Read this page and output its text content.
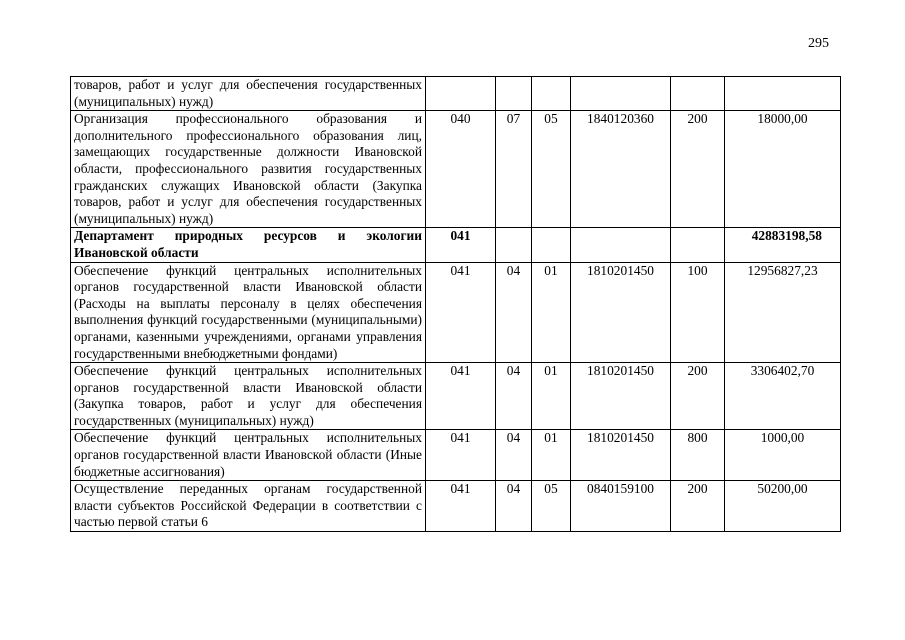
295
товаров, работ и услуг для обеспечения государственных (муниципальных) нужд)						
Организация профессионального образования и дополнительного профессионального образования лиц, замещающих государственные должности Ивановской области, профессионального развития государственных гражданских служащих Ивановской области (Закупка товаров, работ и услуг для обеспечения государственных (муниципальных) нужд)	040	07	05	1840120360	200	18000,00
Департамент природных ресурсов и экологии Ивановской области	041					42883198,58
Обеспечение функций центральных исполнительных органов государственной власти Ивановской области (Расходы на выплаты персоналу в целях обеспечения выполнения функций государственными (муниципальными) органами, казенными учреждениями, органами управления государственными внебюджетными фондами)	041	04	01	1810201450	100	12956827,23
Обеспечение функций центральных исполнительных органов государственной власти Ивановской области (Закупка товаров, работ и услуг для обеспечения государственных (муниципальных) нужд)	041	04	01	1810201450	200	3306402,70
Обеспечение функций центральных исполнительных органов государственной власти Ивановской области (Иные бюджетные ассигнования)	041	04	01	1810201450	800	1000,00
Осуществление переданных органам государственной власти субъектов Российской Федерации в соответствии с частью первой статьи 6	041	04	05	0840159100	200	50200,00
